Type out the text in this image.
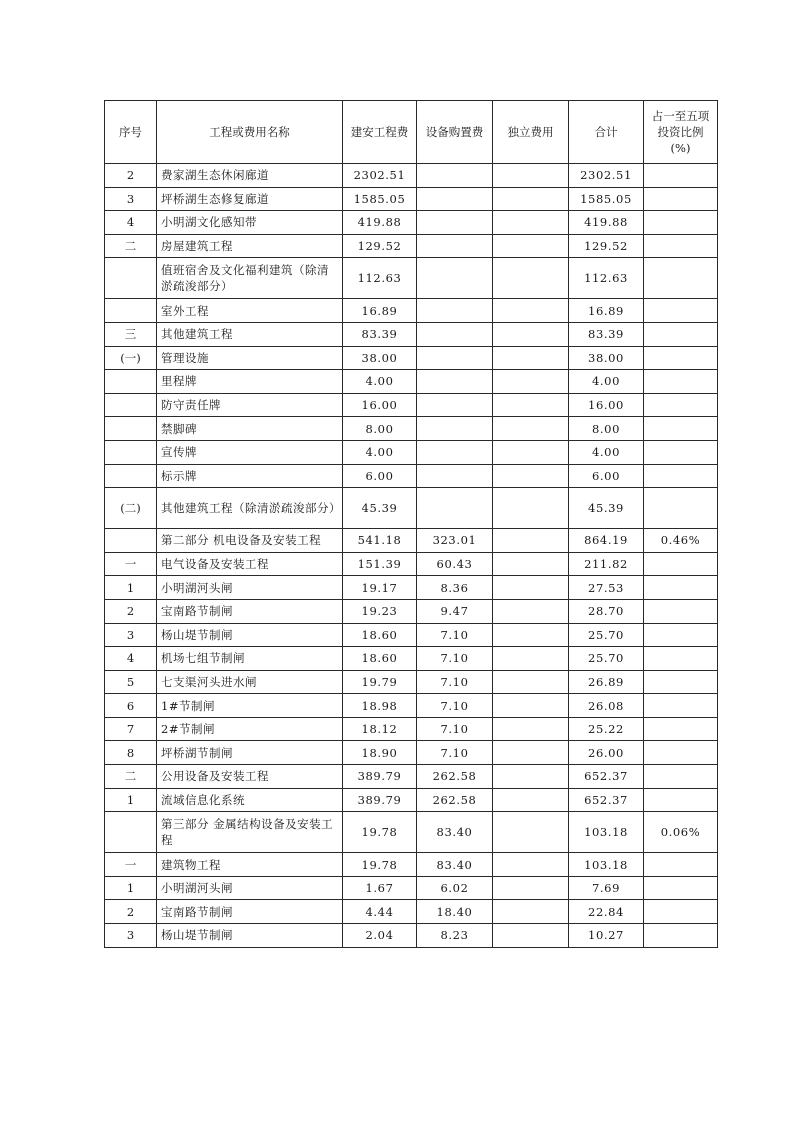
序号	工程或费用名称	建安工程费	设备购置费	独立费用	合计	占一至五项投资比例(%)
2	费家湖生态休闲廊道	2302.51			2302.51	
3	坪桥湖生态修复廊道	1585.05			1585.05	
4	小明湖文化感知带	419.88			419.88	
二	房屋建筑工程	129.52			129.52	
	值班宿舍及文化福利建筑（除清淤疏浚部分）	112.63			112.63	
	室外工程	16.89			16.89	
三	其他建筑工程	83.39			83.39	
(一)	管理设施	38.00			38.00	
	里程牌	4.00			4.00	
	防守责任牌	16.00			16.00	
	禁脚碑	8.00			8.00	
	宣传牌	4.00			4.00	
	标示牌	6.00			6.00	
(二)	其他建筑工程（除清淤疏浚部分）	45.39			45.39	
	第二部分 机电设备及安装工程	541.18	323.01		864.19	0.46%
一	电气设备及安装工程	151.39	60.43		211.82	
1	小明湖河头闸	19.17	8.36		27.53	
2	宝南路节制闸	19.23	9.47		28.70	
3	杨山堤节制闸	18.60	7.10		25.70	
4	机场七组节制闸	18.60	7.10		25.70	
5	七支渠河头进水闸	19.79	7.10		26.89	
6	1#节制闸	18.98	7.10		26.08	
7	2#节制闸	18.12	7.10		25.22	
8	坪桥湖节制闸	18.90	7.10		26.00	
二	公用设备及安装工程	389.79	262.58		652.37	
1	流域信息化系统	389.79	262.58		652.37	
	第三部分 金属结构设备及安装工程	19.78	83.40		103.18	0.06%
一	建筑物工程	19.78	83.40		103.18	
1	小明湖河头闸	1.67	6.02		7.69	
2	宝南路节制闸	4.44	18.40		22.84	
3	杨山堤节制闸	2.04	8.23		10.27	
